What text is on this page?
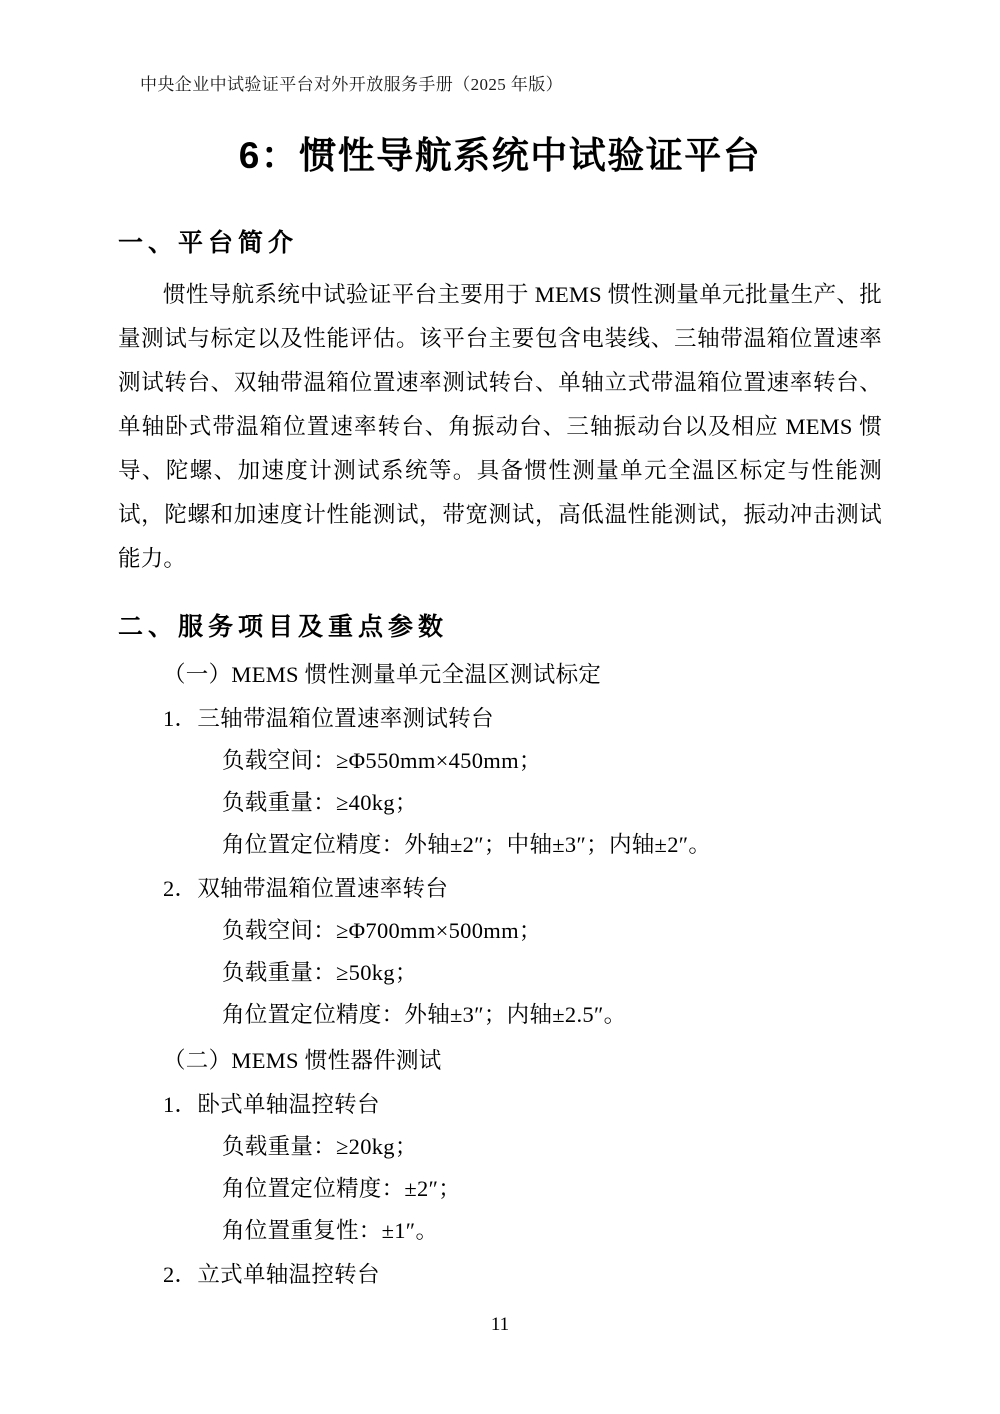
中央企业中试验证平台对外开放服务手册（2025 年版）
6：惯性导航系统中试验证平台
一、平台简介

惯性导航系统中试验证平台主要用于 MEMS 惯性测量单元批量生产、批量测试与标定以及性能评估。该平台主要包含电装线、三轴带温箱位置速率测试转台、双轴带温箱位置速率测试转台、单轴立式带温箱位置速率转台、单轴卧式带温箱位置速率转台、角振动台、三轴振动台以及相应 MEMS 惯导、陀螺、加速度计测试系统等。具备惯性测量单元全温区标定与性能测试，陀螺和加速度计性能测试，带宽测试，高低温性能测试，振动冲击测试能力。

二、服务项目及重点参数
（一）MEMS 惯性测量单元全温区测试标定
1．三轴带温箱位置速率测试转台
负载空间：≥Φ550mm×450mm；
负载重量：≥40kg；
角位置定位精度：外轴±2″；中轴±3″；内轴±2″。
2．双轴带温箱位置速率转台
负载空间：≥Φ700mm×500mm；
负载重量：≥50kg；
角位置定位精度：外轴±3″；内轴±2.5″。
（二）MEMS 惯性器件测试
1．卧式单轴温控转台
负载重量：≥20kg；
角位置定位精度：±2″；
角位置重复性：±1″。
2．立式单轴温控转台
11
